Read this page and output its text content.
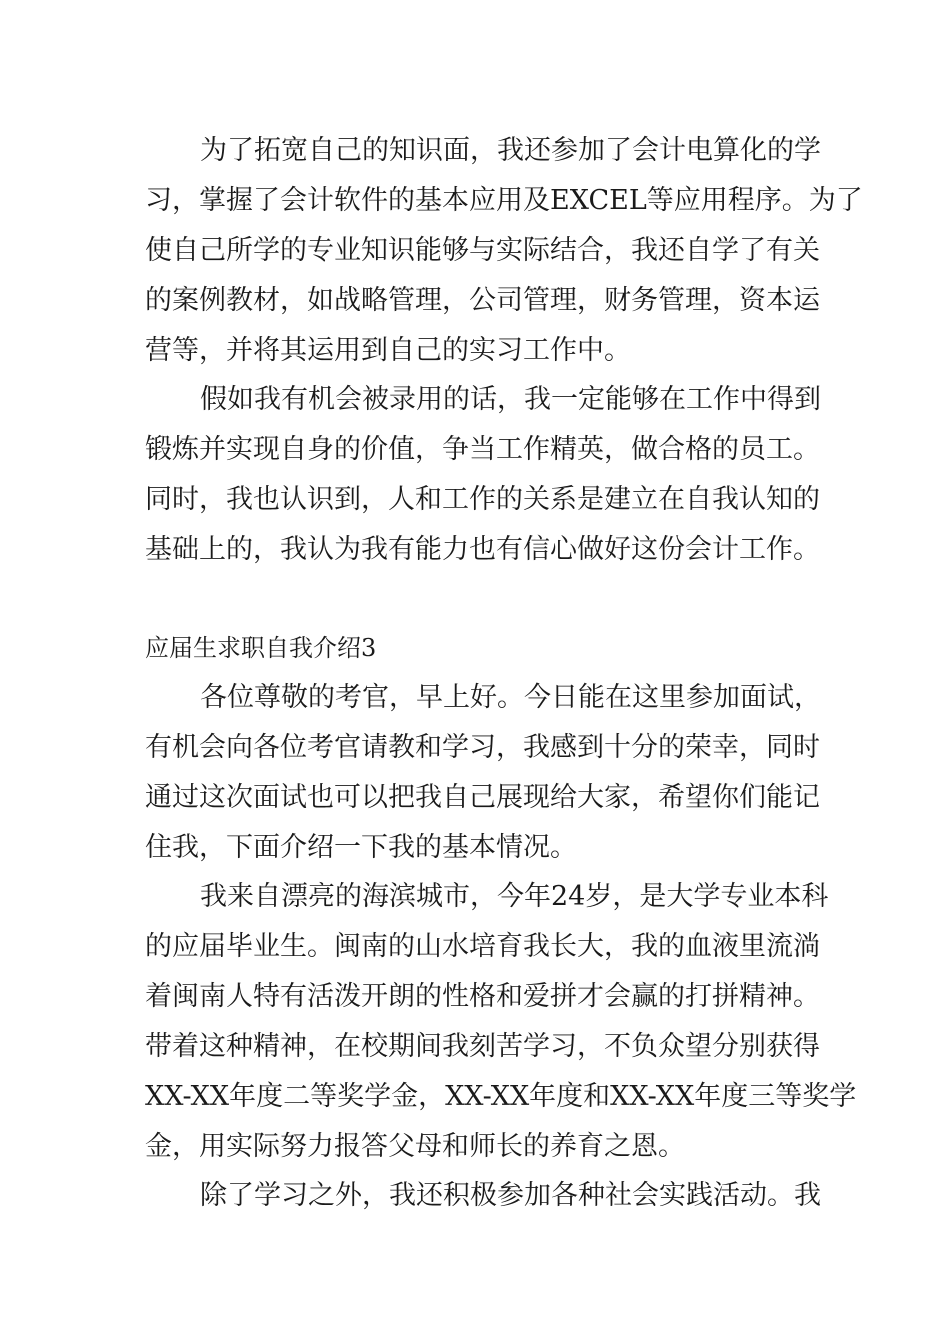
为了拓宽自己的知识面，我还参加了会计电算化的学
习，掌握了会计软件的基本应用及EXCEL等应用程序。为了
使自己所学的专业知识能够与实际结合，我还自学了有关
的案例教材，如战略管理，公司管理，财务管理，资本运
营等，并将其运用到自己的实习工作中。
假如我有机会被录用的话，我一定能够在工作中得到
锻炼并实现自身的价值，争当工作精英，做合格的员工。
同时，我也认识到，人和工作的关系是建立在自我认知的
基础上的，我认为我有能力也有信心做好这份会计工作。
应届生求职自我介绍3
各位尊敬的考官，早上好。今日能在这里参加面试，
有机会向各位考官请教和学习，我感到十分的荣幸，同时
通过这次面试也可以把我自己展现给大家，希望你们能记
住我，下面介绍一下我的基本情况。
我来自漂亮的海滨城市，今年24岁，是大学专业本科
的应届毕业生。闽南的山水培育我长大，我的血液里流淌
着闽南人特有活泼开朗的性格和爱拼才会赢的打拼精神。
带着这种精神，在校期间我刻苦学习，不负众望分别获得
XX-XX年度二等奖学金，XX-XX年度和XX-XX年度三等奖学
金，用实际努力报答父母和师长的养育之恩。
除了学习之外，我还积极参加各种社会实践活动。我
